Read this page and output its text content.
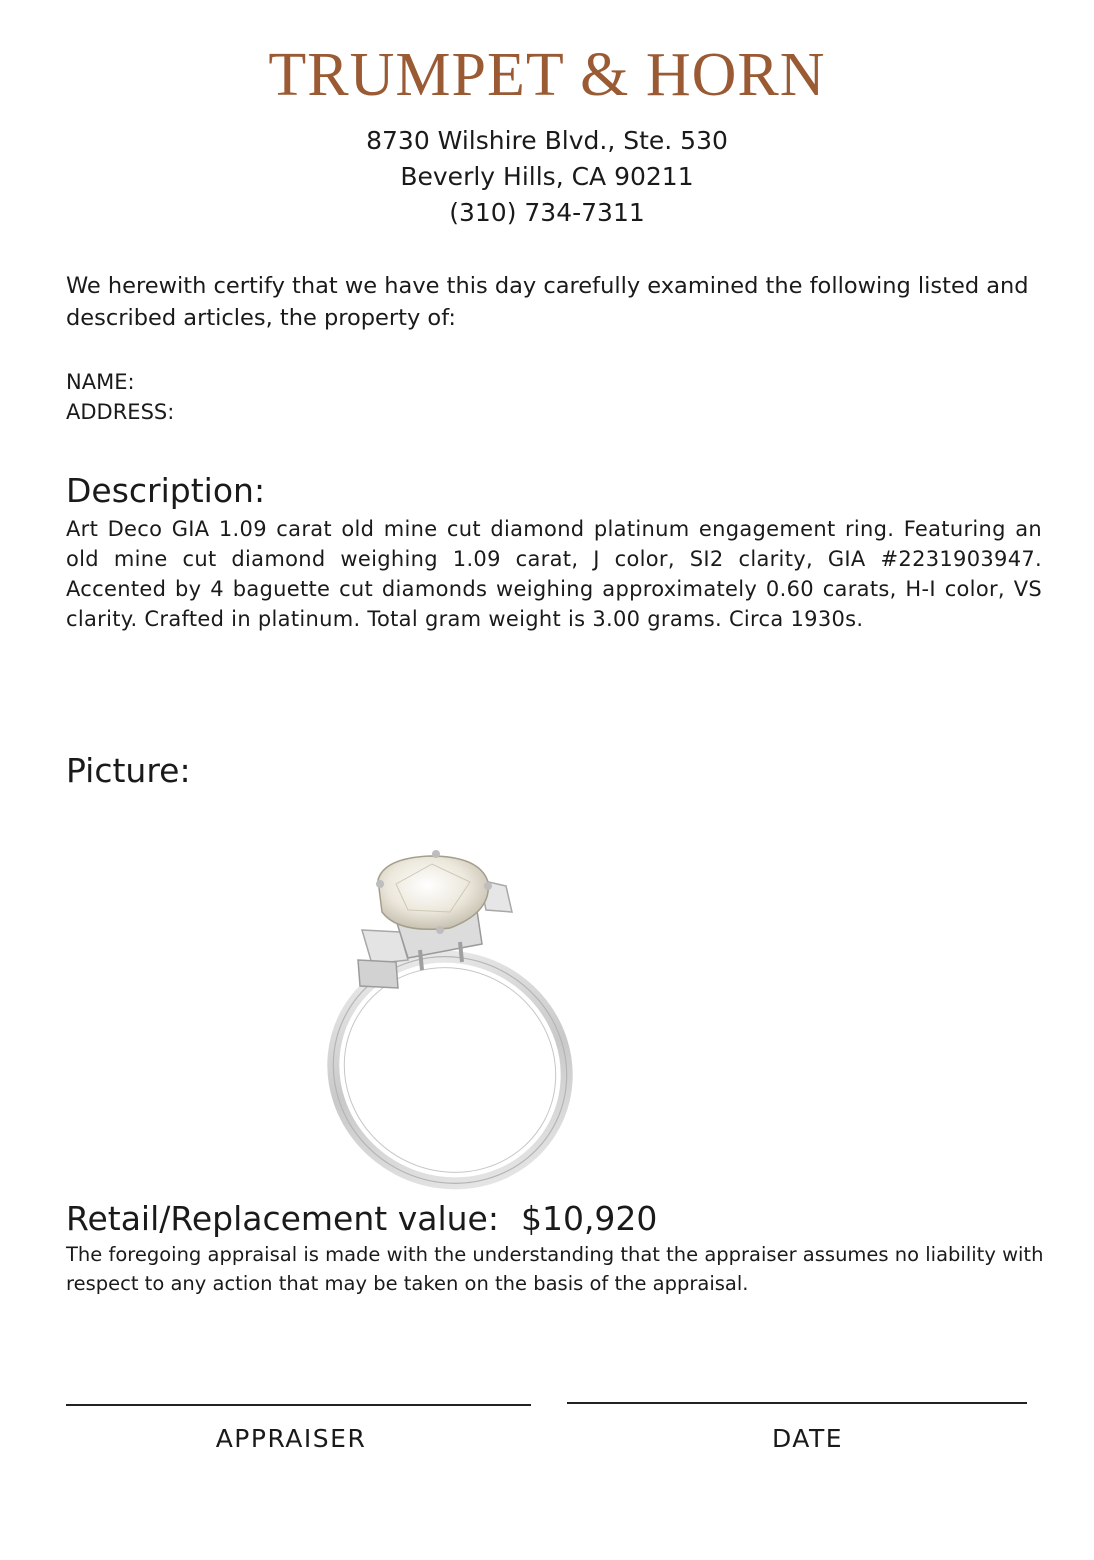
TRUMPET & HORN
8730 Wilshire Blvd., Ste. 530
Beverly Hills, CA 90211
(310) 734-7311
We herewith certify that we have this day carefully examined the following listed and described articles, the property of:
NAME:
ADDRESS:
Description:
Art Deco GIA 1.09 carat old mine cut diamond platinum engagement ring. Featuring an old mine cut diamond weighing 1.09 carat, J color, SI2 clarity, GIA #2231903947. Accented by 4 baguette cut diamonds weighing approximately 0.60 carats, H-I color, VS clarity. Crafted in platinum. Total gram weight is 3.00 grams. Circa 1930s.
Picture:
Retail/Replacement value: $10,920
The foregoing appraisal is made with the understanding that the appraiser assumes no liability with respect to any action that may be taken on the basis of the appraisal.
APPRAISER	DATE
